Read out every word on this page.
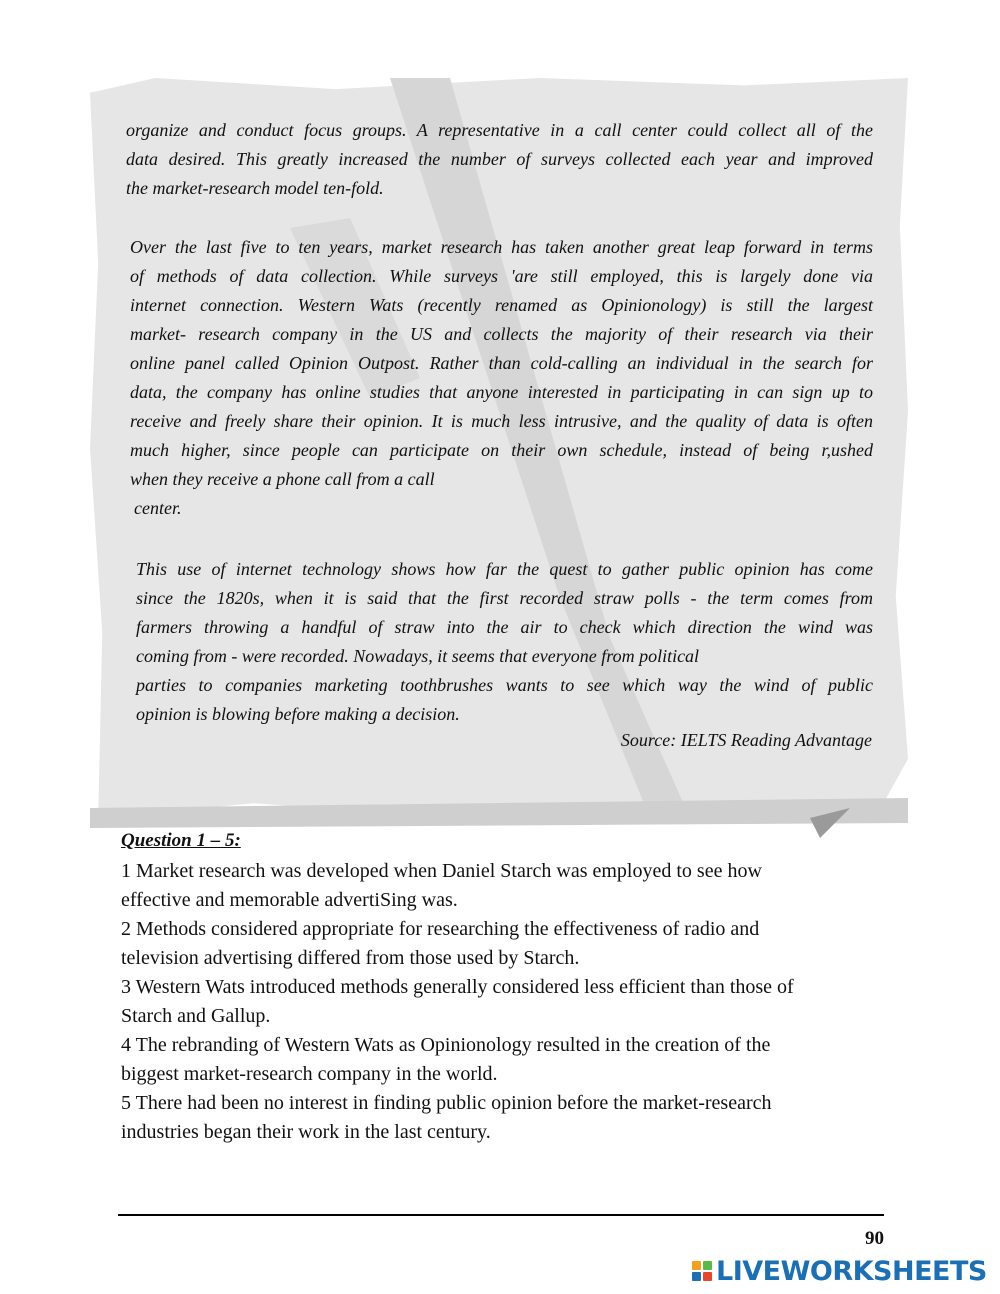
organize and conduct focus groups. A representative in a call center could collect all of the
data desired. This greatly increased the number of surveys collected each year and improved
the market-research model ten-fold.
Over the last five to ten years, market research has taken another great leap forward in terms
of methods of data collection. While surveys 'are still employed, this is largely done via
internet connection. Western Wats (recently renamed as Opinionology) is still the largest
market- research company in the US and collects the majority of their research via their
online panel called Opinion Outpost. Rather than cold-calling an individual in the search for
data, the company has online studies that anyone interested in participating in can sign up to
receive and freely share their opinion. It is much less intrusive, and the quality of data is often
much higher, since people can participate on their own schedule, instead of being r,ushed
when they receive a phone call from a call
center.
This use of internet technology shows how far the quest to gather public opinion has come
since the 1820s, when it is said that the first recorded straw polls - the term comes from
farmers throwing a handful of straw into the air to check which direction the wind was
coming from - were recorded. Nowadays, it seems that everyone from political
parties to companies marketing toothbrushes wants to see which way the wind of public
opinion is blowing before making a decision.
Source: IELTS Reading Advantage
Question 1 – 5:
1 Market research was developed when Daniel Starch was employed to see how
effective and memorable advertiSing was.
2 Methods considered appropriate for researching the effectiveness of radio and
television advertising differed from those used by Starch.
3 Western Wats introduced methods generally considered less efficient than those of
Starch and Gallup.
4 The rebranding of Western Wats as Opinionology resulted in the creation of the
biggest market-research company in the world.
5 There had been no interest in finding public opinion before the market-research
industries began their work in the last century.
90
LIVEWORKSHEETS
